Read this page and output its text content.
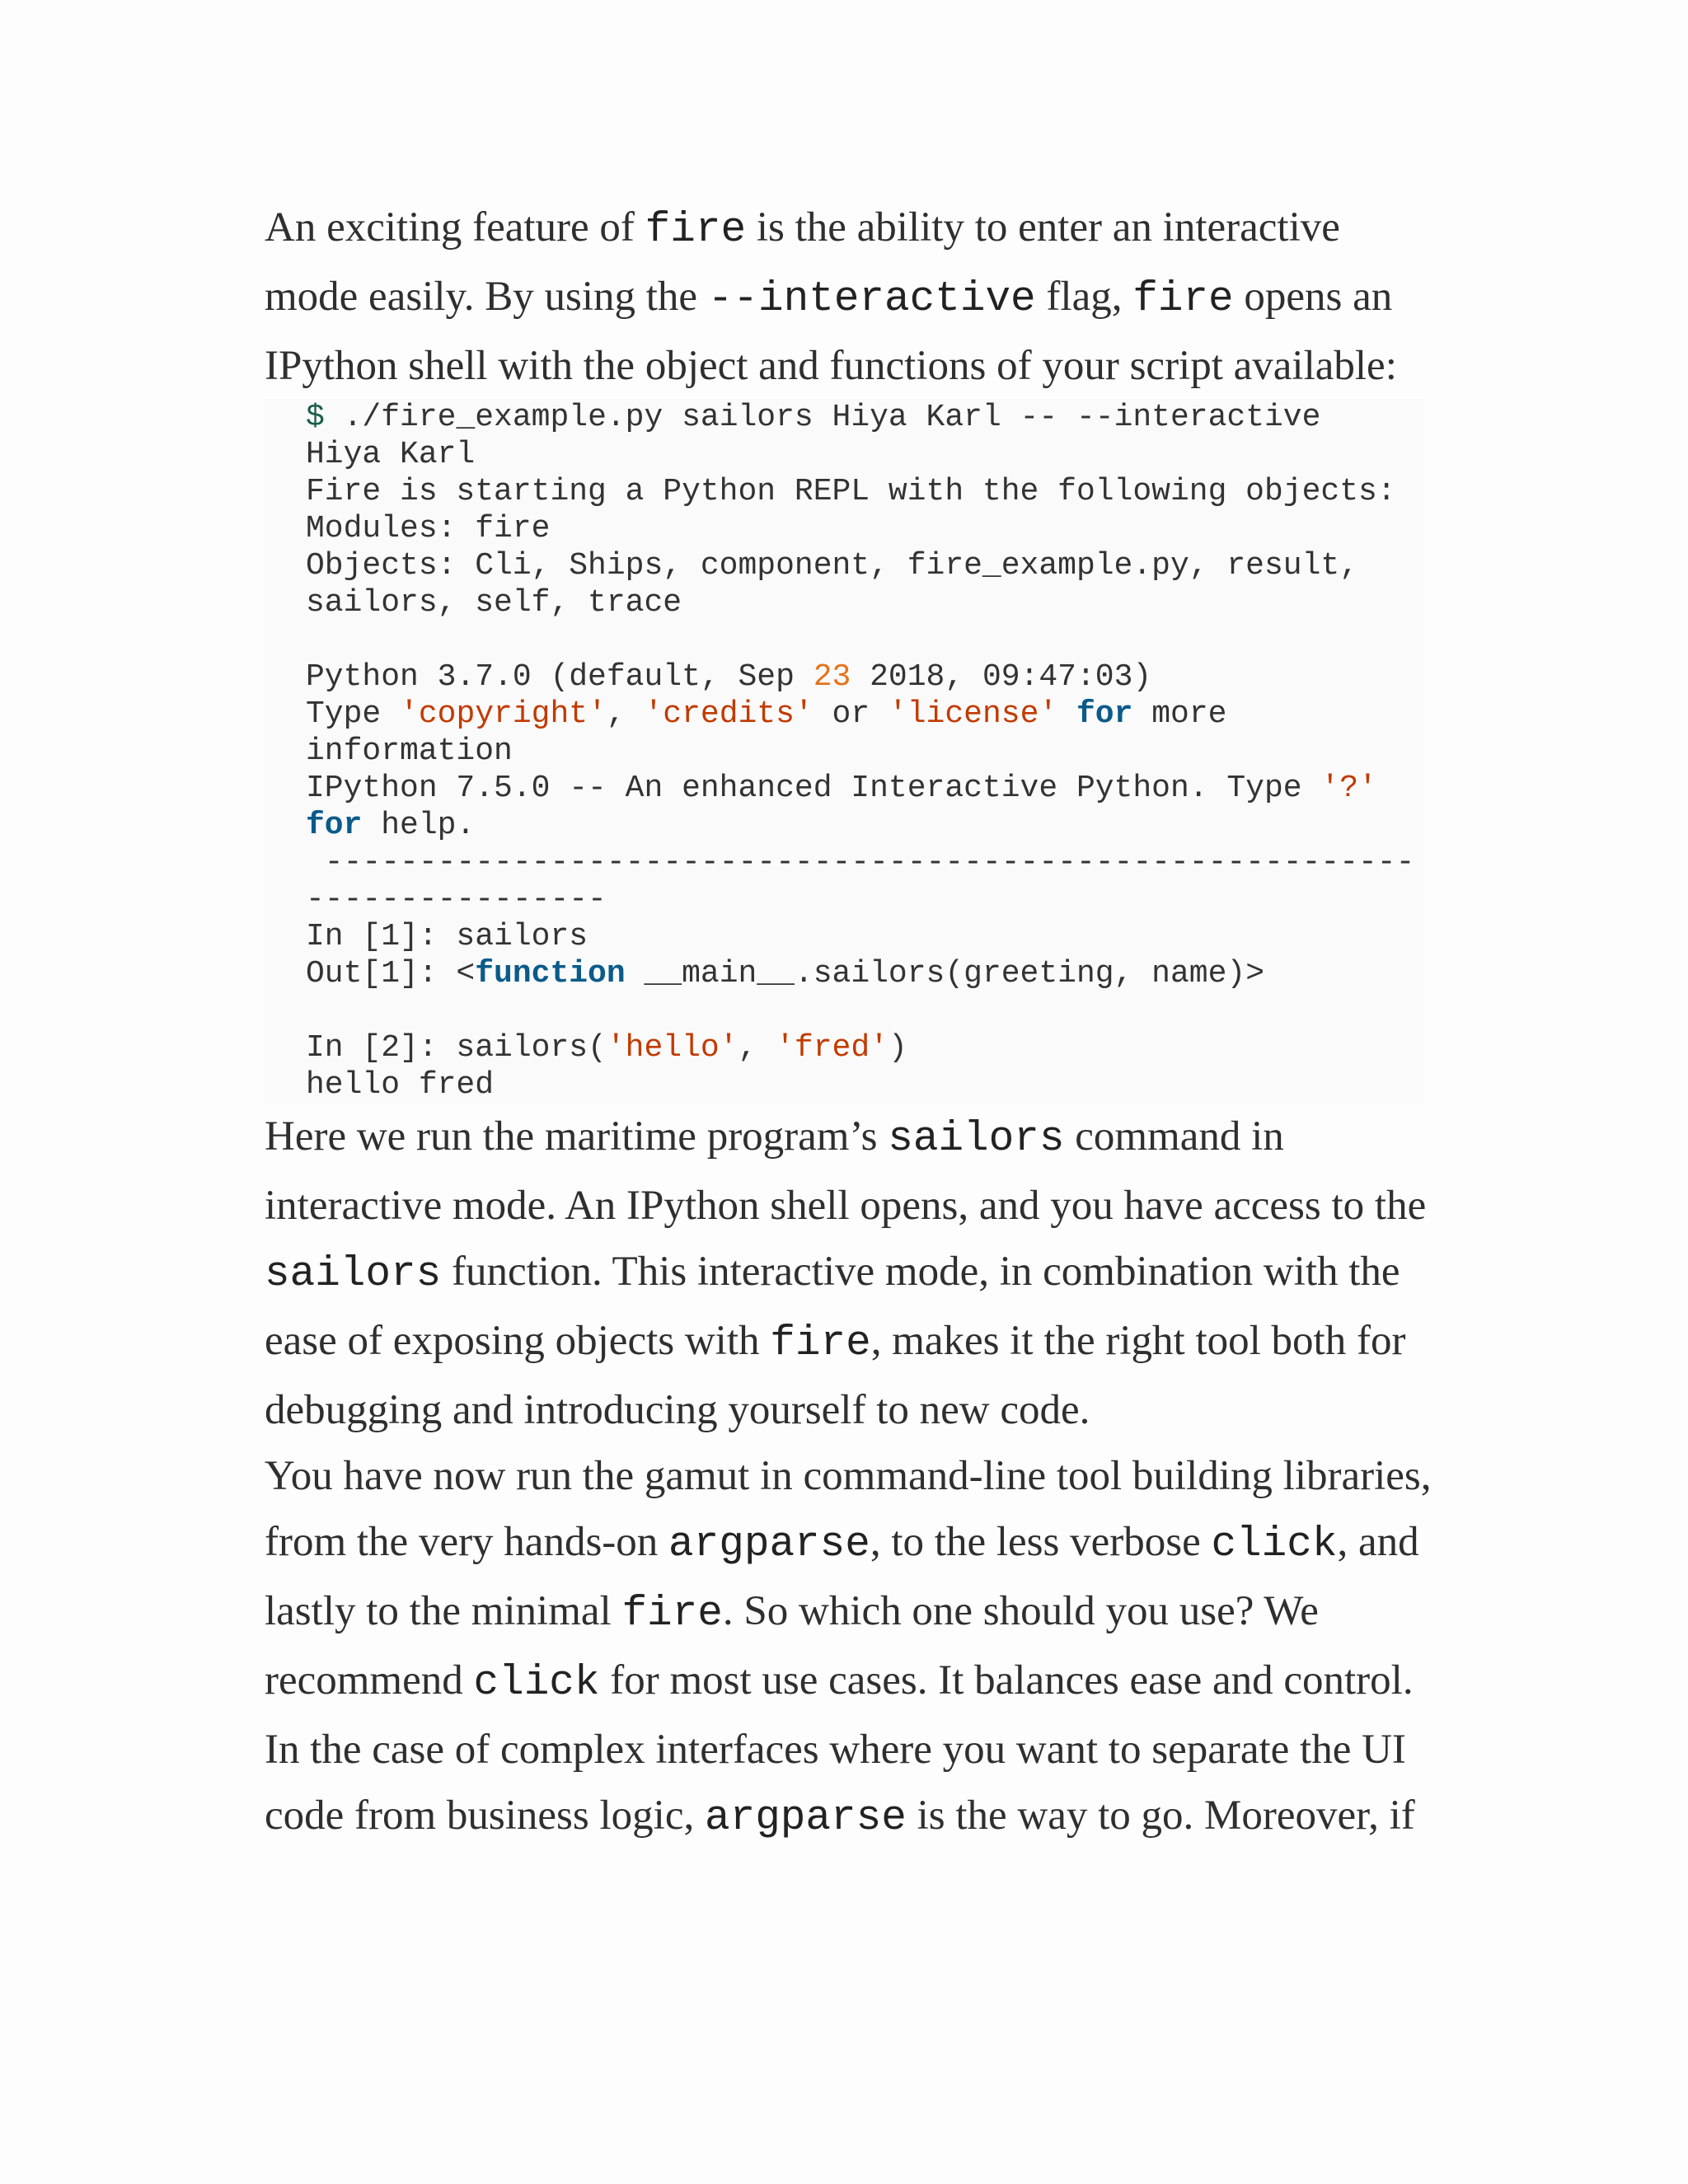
An exciting feature of fire is the ability to enter an interactive mode easily. By using the --interactive flag, fire opens an IPython shell with the object and functions of your script available:

$ ./fire_example.py sailors Hiya Karl -- --interactive
Hiya Karl
Fire is starting a Python REPL with the following objects:
Modules: fire
Objects: Cli, Ships, component, fire_example.py, result,
sailors, self, trace
Python 3.7.0 (default, Sep 23 2018, 09:47:03)
Type 'copyright', 'credits' or 'license' for more
information
IPython 7.5.0 -- An enhanced Interactive Python. Type '?'
for help.
----------------------------------------------------------
----------------
In [1]: sailors
Out[1]: <function __main__.sailors(greeting, name)>
In [2]: sailors('hello', 'fred')
hello fred

Here we run the maritime program’s sailors command in interactive mode. An IPython shell opens, and you have access to the sailors function. This interactive mode, in combination with the ease of exposing objects with fire, makes it the right tool both for debugging and introducing yourself to new code.

You have now run the gamut in command-line tool building libraries, from the very hands-on argparse, to the less verbose click, and lastly to the minimal fire. So which one should you use? We recommend click for most use cases. It balances ease and control. In the case of complex interfaces where you want to separate the UI code from business logic, argparse is the way to go. Moreover, if
